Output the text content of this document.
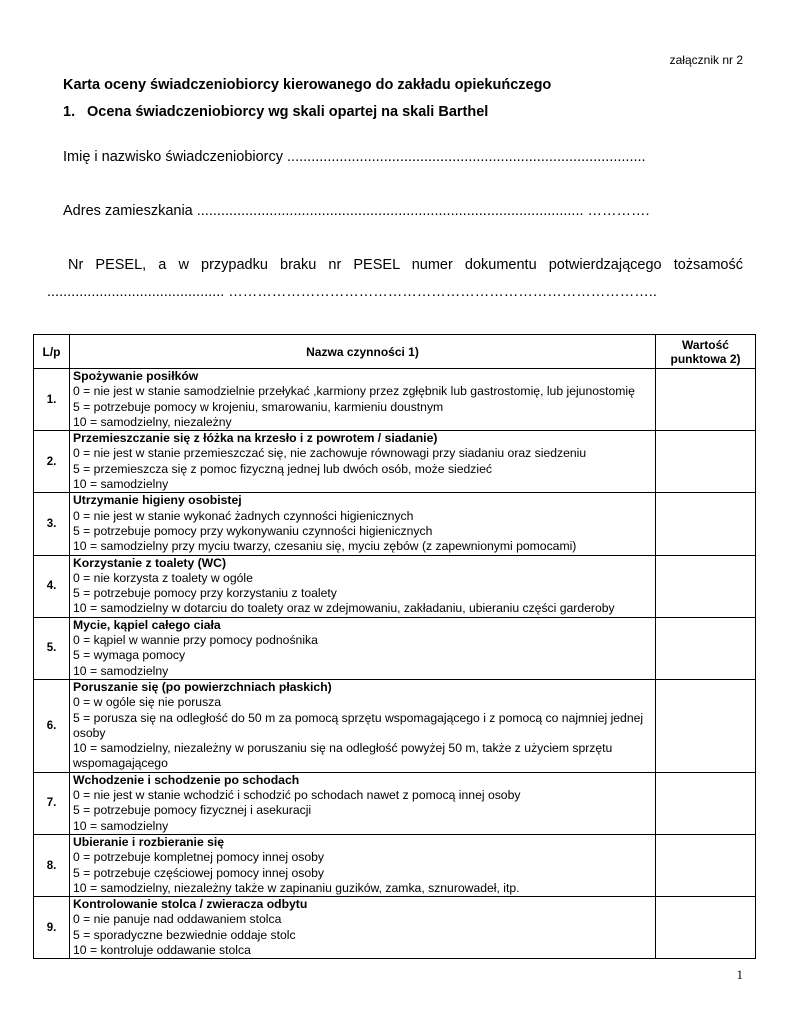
załącznik nr 2
Karta oceny świadczeniobiorcy kierowanego do zakładu opiekuńczego
1. Ocena świadczeniobiorcy wg skali opartej na skali Barthel
Imię i nazwisko świadczeniobiorcy .........................................................................................
Adres zamieszkania ................................................................................................ ………….
Nr PESEL, a w przypadku braku nr PESEL numer dokumentu potwierdzającego tożsamość
............................................ ……………………………………………………………………………..
L/p	Nazwa czynności 1)	Wartość
punktowa 2)
1.	Spożywanie posiłków
0 = nie jest w stanie samodzielnie przełykać ,karmiony przez zgłębnik lub gastrostomię, lub jejunostomię
5 = potrzebuje pomocy w krojeniu, smarowaniu, karmieniu doustnym
10 = samodzielny, niezależny	

2.	Przemieszczanie się z łóżka na krzesło i z powrotem / siadanie)
0 = nie jest w stanie przemieszczać się, nie zachowuje równowagi przy siadaniu oraz siedzeniu
5 = przemieszcza się z pomoc fizyczną jednej lub dwóch osób, może siedzieć
10 = samodzielny	

3.	Utrzymanie higieny osobistej
0 = nie jest w stanie wykonać żadnych czynności higienicznych
5 = potrzebuje pomocy przy wykonywaniu czynności higienicznych
10 = samodzielny przy myciu twarzy, czesaniu się, myciu zębów (z zapewnionymi pomocami)	

4.	Korzystanie z toalety (WC)
0 = nie korzysta z toalety w ogóle
5 = potrzebuje pomocy przy korzystaniu z toalety
10 = samodzielny w dotarciu do toalety oraz w zdejmowaniu, zakładaniu, ubieraniu części garderoby	

5.	Mycie, kąpiel całego ciała
0 = kąpiel w wannie przy pomocy podnośnika
5 = wymaga pomocy
10 = samodzielny	

6.	Poruszanie się (po powierzchniach płaskich)
0 = w ogóle się nie porusza
5 = porusza się na odległość do 50 m za pomocą sprzętu wspomagającego i z pomocą co najmniej jednej osoby
10 = samodzielny, niezależny w poruszaniu się na odległość powyżej 50 m, także z użyciem sprzętu wspomagającego	

7.	Wchodzenie i schodzenie po schodach
0 = nie jest w stanie wchodzić i schodzić po schodach nawet z pomocą innej osoby
5 = potrzebuje pomocy fizycznej i asekuracji
10 = samodzielny	

8.	Ubieranie i rozbieranie się
0 = potrzebuje kompletnej pomocy innej osoby
5 = potrzebuje częściowej pomocy innej osoby
10 = samodzielny, niezależny także w zapinaniu guzików, zamka, sznurowadeł, itp.	

9.	Kontrolowanie stolca / zwieracza odbytu
0 = nie panuje nad oddawaniem stolca
5 = sporadyczne bezwiednie oddaje stolc
10 = kontroluje oddawanie stolca	

1
